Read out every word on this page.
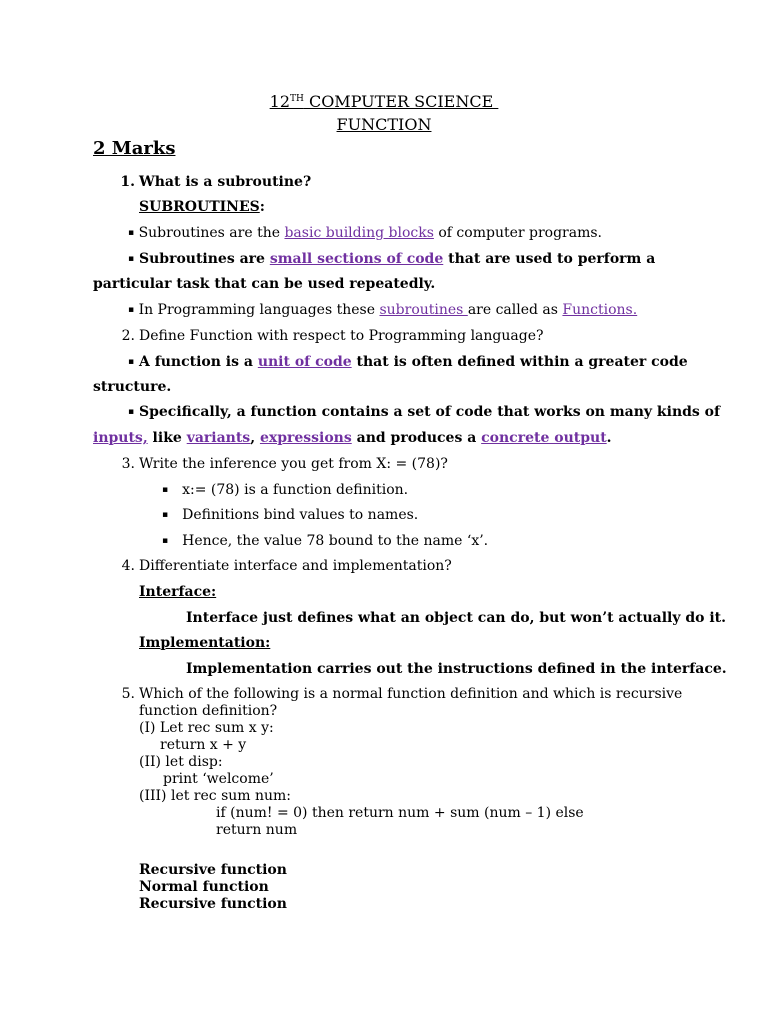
12TH COMPUTER SCIENCE
FUNCTION
2 Marks
1. What is a subroutine?
SUBROUTINES:
▪ Subroutines are the basic building blocks of computer programs.
▪ Subroutines are small sections of code that are used to perform a
particular task that can be used repeatedly.
▪ In Programming languages these subroutines are called as Functions.
2. Define Function with respect to Programming language?
▪ A function is a unit of code that is often defined within a greater code
structure.
▪ Specifically, a function contains a set of code that works on many kinds of
inputs, like variants, expressions and produces a concrete output.
3. Write the inference you get from X: = (78)?
▪ x:= (78) is a function definition.
▪ Definitions bind values to names.
▪ Hence, the value 78 bound to the name ‘x’.
4. Differentiate interface and implementation?
Interface:
Interface just defines what an object can do, but won’t actually do it.
Implementation:
Implementation carries out the instructions defined in the interface.
5. Which of the following is a normal function definition and which is recursive
function definition?
(I) Let rec sum x y:
return x + y
(II) let disp:
print ‘welcome’
(III) let rec sum num:
if (num! = 0) then return num + sum (num – 1) else
return num
Recursive function
Normal function
Recursive function
